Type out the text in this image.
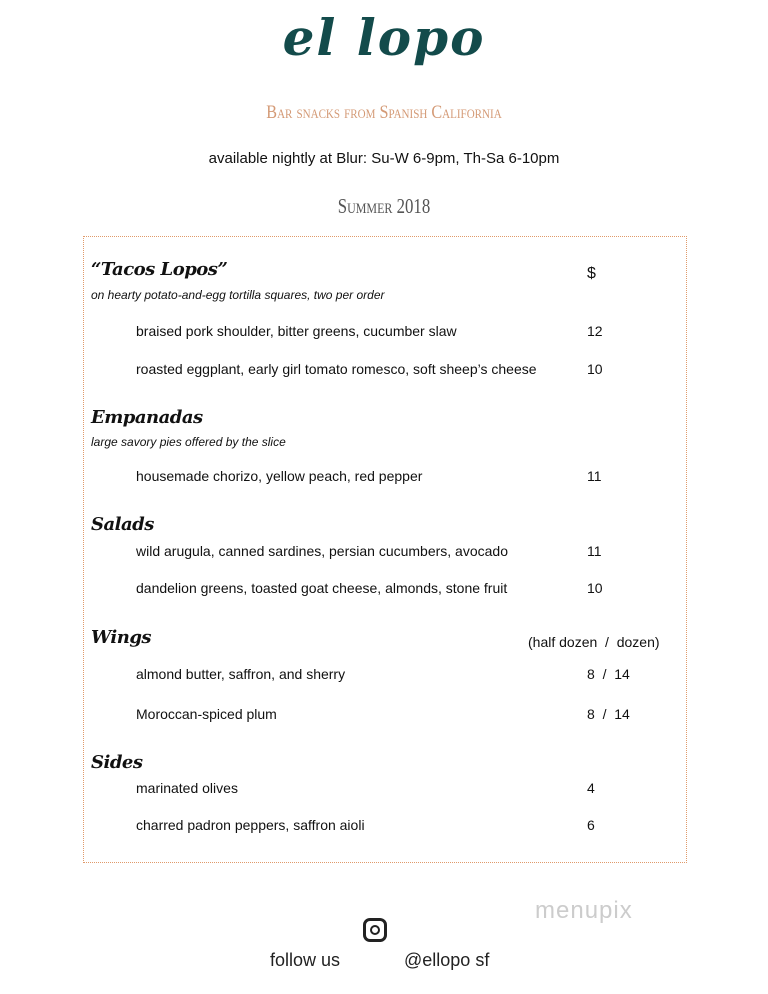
el lopo
Bar snacks from Spanish California
available nightly at Blur: Su-W 6-9pm, Th-Sa 6-10pm
Summer 2018
“Tacos Lopos”	$
on hearty potato-and-egg tortilla squares, two per order
braised pork shoulder, bitter greens, cucumber slaw	12
roasted eggplant, early girl tomato romesco, soft sheep’s cheese	10
Empanadas
large savory pies offered by the slice
housemade chorizo, yellow peach, red pepper	11
Salads
wild arugula, canned sardines, persian cucumbers, avocado	11
dandelion greens, toasted goat cheese, almonds, stone fruit	10
Wings	(half dozen  /  dozen)
almond butter, saffron, and sherry	8  /  14
Moroccan-spiced plum	8  /  14
Sides
marinated olives	4
charred padron peppers, saffron aioli	6
menupix
follow us	@ellopo sf
